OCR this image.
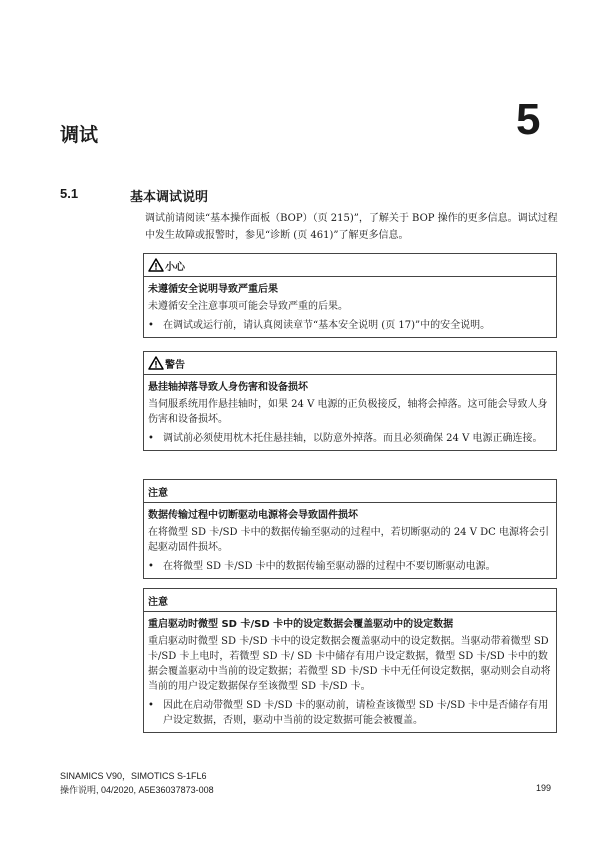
调试	5
5.1	基本调试说明
调试前请阅读“基本操作面板（BOP）（页 215)”，了解关于 BOP 操作的更多信息。调试过程中发生故障或报警时，参见“诊断 (页 461)”了解更多信息。
小心
未遵循安全说明导致严重后果
未遵循安全注意事项可能会导致严重的后果。
• 在调试或运行前，请认真阅读章节“基本安全说明 (页 17)”中的安全说明。
警告
悬挂轴掉落导致人身伤害和设备损坏
当伺服系统用作悬挂轴时，如果 24 V 电源的正负极接反，轴将会掉落。这可能会导致人身伤害和设备损坏。
• 调试前必须使用枕木托住悬挂轴，以防意外掉落。而且必须确保 24 V 电源正确连接。
注意
数据传输过程中切断驱动电源将会导致固件损坏
在将微型 SD 卡/SD 卡中的数据传输至驱动的过程中，若切断驱动的 24 V DC 电源将会引起驱动固件损坏。
• 在将微型 SD 卡/SD 卡中的数据传输至驱动器的过程中不要切断驱动电源。
注意
重启驱动时微型 SD 卡/SD 卡中的设定数据会覆盖驱动中的设定数据
重启驱动时微型 SD 卡/SD 卡中的设定数据会覆盖驱动中的设定数据。当驱动带着微型 SD 卡/SD 卡上电时，若微型 SD 卡/ SD 卡中储存有用户设定数据，微型 SD 卡/SD 卡中的数据会覆盖驱动中当前的设定数据；若微型 SD 卡/SD 卡中无任何设定数据，驱动则会自动将当前的用户设定数据保存至该微型 SD 卡/SD 卡。
• 因此在启动带微型 SD 卡/SD 卡的驱动前，请检查该微型 SD 卡/SD 卡中是否储存有用户设定数据，否则，驱动中当前的设定数据可能会被覆盖。
SINAMICS V90，SIMOTICS S-1FL6
操作说明, 04/2020, A5E36037873-008	199
